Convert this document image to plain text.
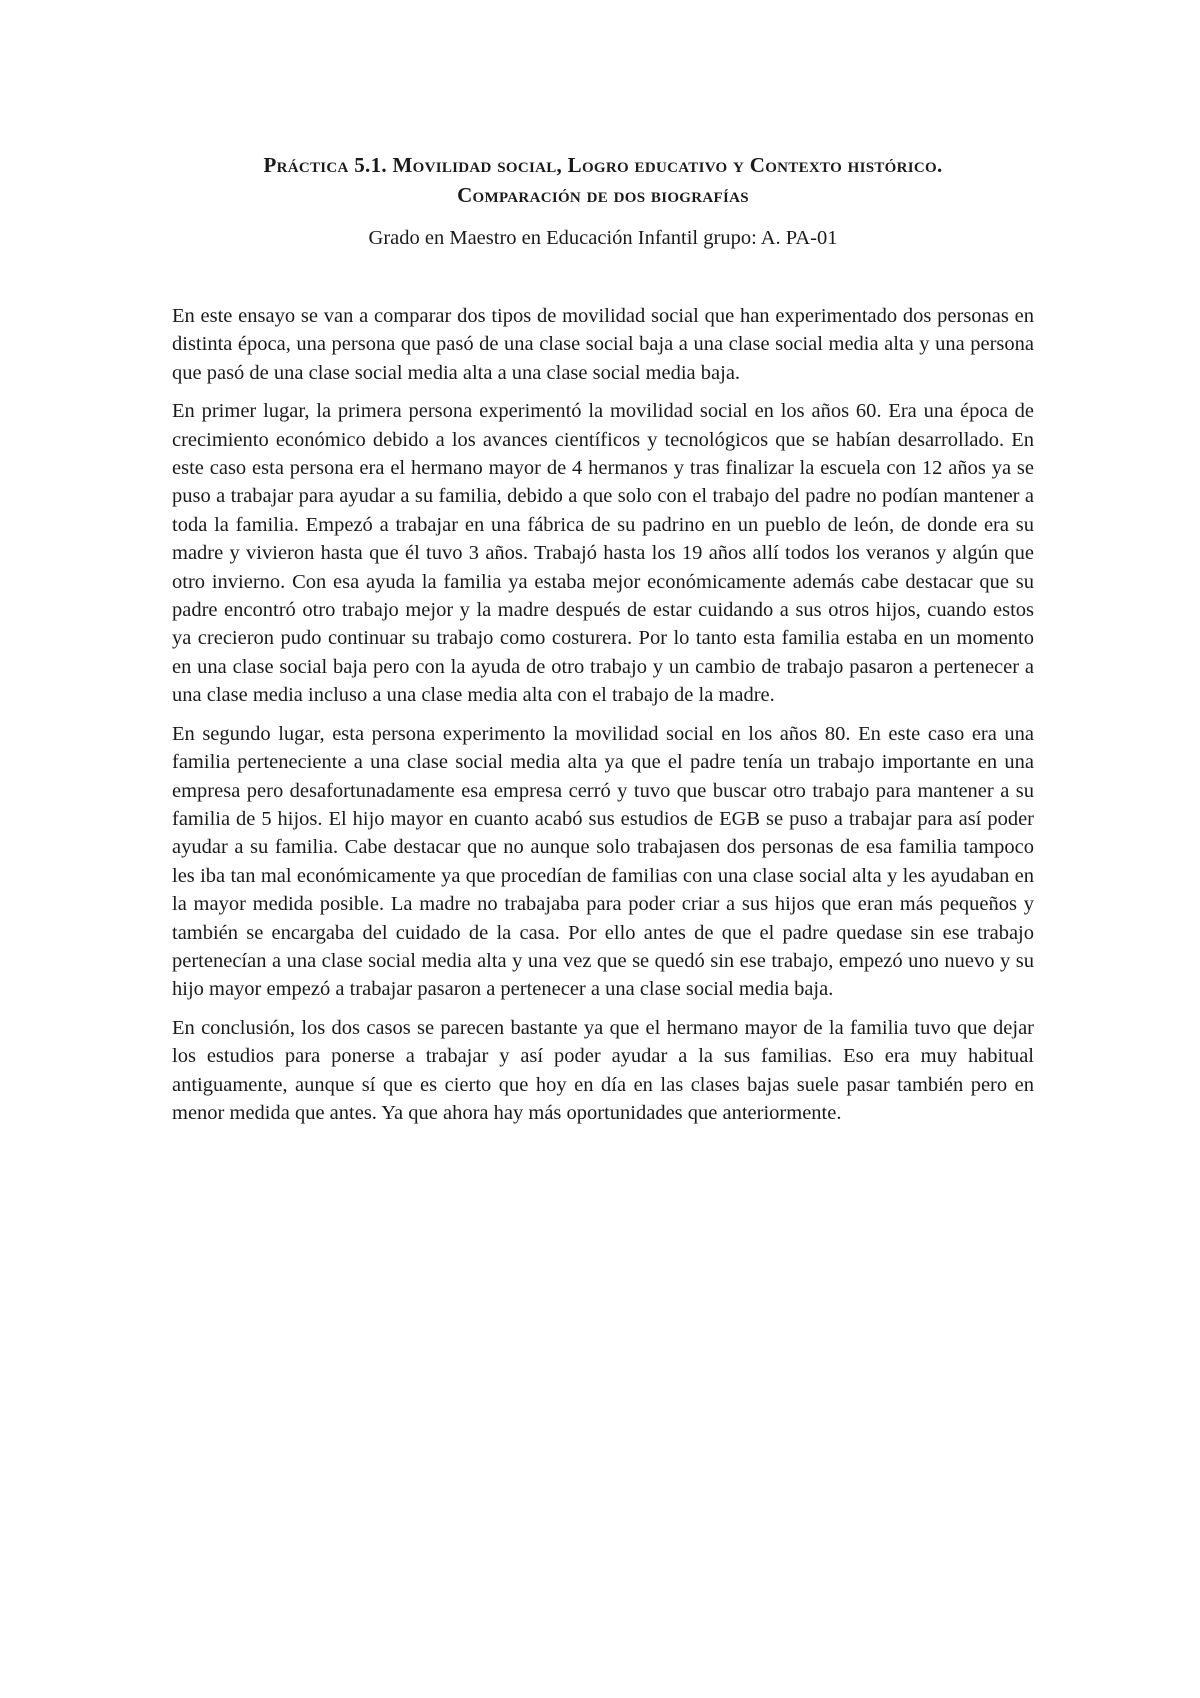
Práctica 5.1. Movilidad social, Logro educativo y Contexto histórico.
Comparación de dos biografías

Grado en Maestro en Educación Infantil grupo: A. PA-01

En este ensayo se van a comparar dos tipos de movilidad social que han experimentado dos personas en distinta época, una persona que pasó de una clase social baja a una clase social media alta y una persona que pasó de una clase social media alta a una clase social media baja.

En primer lugar, la primera persona experimentó la movilidad social en los años 60. Era una época de crecimiento económico debido a los avances científicos y tecnológicos que se habían desarrollado. En este caso esta persona era el hermano mayor de 4 hermanos y tras finalizar la escuela con 12 años ya se puso a trabajar para ayudar a su familia, debido a que solo con el trabajo del padre no podían mantener a toda la familia. Empezó a trabajar en una fábrica de su padrino en un pueblo de león, de donde era su madre y vivieron hasta que él tuvo 3 años. Trabajó hasta los 19 años allí todos los veranos y algún que otro invierno. Con esa ayuda la familia ya estaba mejor económicamente además cabe destacar que su padre encontró otro trabajo mejor y la madre después de estar cuidando a sus otros hijos, cuando estos ya crecieron pudo continuar su trabajo como costurera. Por lo tanto esta familia estaba en un momento en una clase social baja pero con la ayuda de otro trabajo y un cambio de trabajo pasaron a pertenecer a una clase media incluso a una clase media alta con el trabajo de la madre.

En segundo lugar, esta persona experimento la movilidad social en los años 80. En este caso era una familia perteneciente a una clase social media alta ya que el padre tenía un trabajo importante en una empresa pero desafortunadamente esa empresa cerró y tuvo que buscar otro trabajo para mantener a su familia de 5 hijos. El hijo mayor en cuanto acabó sus estudios de EGB se puso a trabajar para así poder ayudar a su familia. Cabe destacar que no aunque solo trabajasen dos personas de esa familia tampoco les iba tan mal económicamente ya que procedían de familias con una clase social alta y les ayudaban en la mayor medida posible. La madre no trabajaba para poder criar a sus hijos que eran más pequeños y también se encargaba del cuidado de la casa. Por ello antes de que el padre quedase sin ese trabajo pertenecían a una clase social media alta y una vez que se quedó sin ese trabajo, empezó uno nuevo y su hijo mayor empezó a trabajar pasaron a pertenecer a una clase social media baja.

En conclusión, los dos casos se parecen bastante ya que el hermano mayor de la familia tuvo que dejar los estudios para ponerse a trabajar y así poder ayudar a la sus familias. Eso era muy habitual antiguamente, aunque sí que es cierto que hoy en día en las clases bajas suele pasar también pero en menor medida que antes. Ya que ahora hay más oportunidades que anteriormente.
